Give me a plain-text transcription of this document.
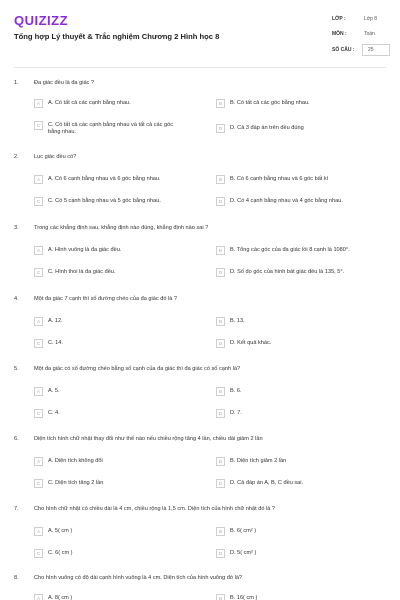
QUIZIZZ
Tổng hợp Lý thuyết & Trắc nghiệm Chương 2 Hình học 8
LỚP :	Lớp 8
MÔN :	Toán
SỐ CÂU :	25
1.	Đa giác đều là đa giác ?
A	A. Có tất cả các cạnh bằng nhau.	B	B. Có tất cả các góc bằng nhau.
C	C. Có tất cả các cạnh bằng nhau và tất cả các góc bằng nhau.
D	D. Cả 3 đáp án trên đều đúng
2.	Lục giác đều có?
A	A. Có 6 cạnh bằng nhau và 6 góc bằng nhau.	B	B. Có 6 cạnh bằng nhau và 6 góc bất kì
C	C. Có 5 cạnh bằng nhau và 5 góc bằng nhau.	D	D. Có 4 cạnh bằng nhau và 4 góc bằng nhau.
3.	Trong các khẳng định sau, khẳng định nào đúng, khẳng định nào sai ?
A	A. Hình vuông là đa giác đều.	B	B. Tổng các góc của đa giác lồi 8 cạnh là 1080°.
C	C. Hình thoi là đa giác đều.	D	D. Số đo góc của hình bát giác đều là 135, 5°.
4.	Một đa giác 7 cạnh thì số đường chéo của đa giác đó là ?
A	A. 12.	B	B. 13.
C	C. 14.	D	D. Kết quả khác.
5.	Một đa giác có số đường chéo bằng số cạnh của đa giác thì đa giác có số cạnh là?
A	A. 5.	B	B. 6.
C	C. 4.	D	D. 7.
6.	Diện tích hình chữ nhật thay đổi như thế nào nếu chiều rộng tăng 4 lần, chiều dài giảm 2 lần
A	A. Diện tích không đổi	B	B. Diện tích giảm 2 lần
C	C. Diện tích tăng 2 lần	D	D. Cả đáp án A, B, C đều sai.
7.	Cho hình chữ nhật có chiều dài là 4 cm, chiều rộng là 1,5 cm. Diện tích của hình chữ nhật đó là ?
A	A. 5( cm )	B	B. 6( cm² )
C	C. 6( cm )	D	D. 5( cm² )
8.	Cho hình vuông có độ dài cạnh hình vuông là 4 cm. Diện tích của hình vuông đó là?
A	A. 8( cm )	B	B. 16( cm )
